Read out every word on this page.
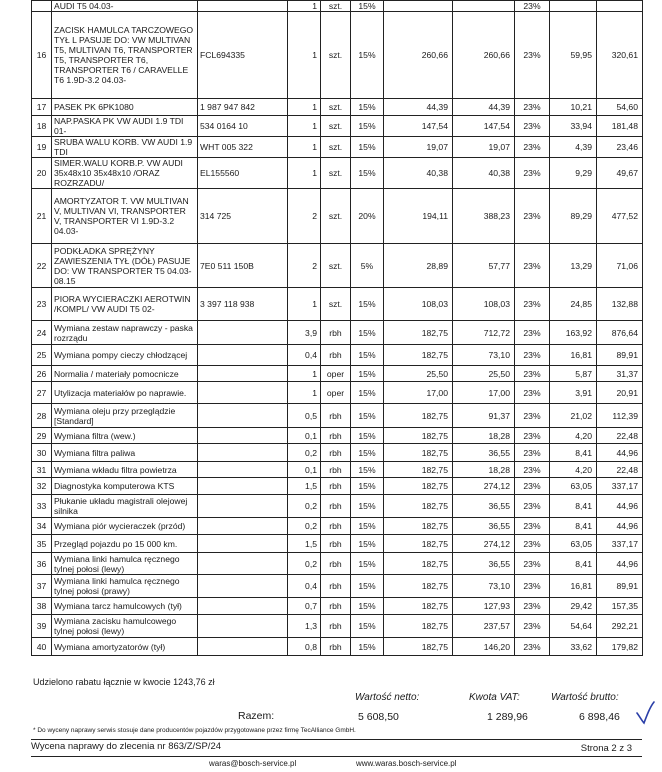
	AUDI T5 04.03-		1	szt.	15%			23%		
16	ZACISK HAMULCA TARCZOWEGO TYŁ L PASUJE DO: VW MULTIVAN T5, MULTIVAN T6, TRANSPORTER T5, TRANSPORTER T6, TRANSPORTER T6 / CARAVELLE T6 1.9D-3.2 04.03-	FCL694335	1	szt.	15%	260,66	260,66	23%	59,95	320,61
17	PASEK PK 6PK1080	1 987 947 842	1	szt.	15%	44,39	44,39	23%	10,21	54,60
18	NAP.PASKA PK VW AUDI 1.9 TDI 01-	534 0164 10	1	szt.	15%	147,54	147,54	23%	33,94	181,48
19	SRUBA WALU KORB. VW AUDI 1.9 TDI	WHT 005 322	1	szt.	15%	19,07	19,07	23%	4,39	23,46
20	SIMER.WALU KORB.P. VW AUDI 35x48x10 35x48x10 /ORAZ ROZRZADU/	EL155560	1	szt.	15%	40,38	40,38	23%	9,29	49,67
21	AMORTYZATOR T. VW MULTIVAN V, MULTIVAN VI, TRANSPORTER V, TRANSPORTER VI 1.9D-3.2 04.03-	314 725	2	szt.	20%	194,11	388,23	23%	89,29	477,52
22	PODKŁADKA SPRĘŻYNY ZAWIESZENIA TYŁ (DÓŁ) PASUJE DO: VW TRANSPORTER T5 04.03-08.15	7E0 511 150B	2	szt.	5%	28,89	57,77	23%	13,29	71,06
23	PIORA WYCIERACZKI AEROTWIN /KOMPL/ VW AUDI T5 02-	3 397 118 938	1	szt.	15%	108,03	108,03	23%	24,85	132,88
24	Wymiana zestaw naprawczy - paska rozrządu		3,9	rbh	15%	182,75	712,72	23%	163,92	876,64
25	Wymiana pompy cieczy chłodzącej		0,4	rbh	15%	182,75	73,10	23%	16,81	89,91
26	Normalia / materiały pomocnicze		1	oper	15%	25,50	25,50	23%	5,87	31,37
27	Utylizacja materiałów po naprawie.		1	oper	15%	17,00	17,00	23%	3,91	20,91
28	Wymiana oleju przy przeglądzie [Standard]		0,5	rbh	15%	182,75	91,37	23%	21,02	112,39
29	Wymiana filtra (wew.)		0,1	rbh	15%	182,75	18,28	23%	4,20	22,48
30	Wymiana filtra paliwa		0,2	rbh	15%	182,75	36,55	23%	8,41	44,96
31	Wymiana wkładu filtra powietrza		0,1	rbh	15%	182,75	18,28	23%	4,20	22,48
32	Diagnostyka komputerowa KTS		1,5	rbh	15%	182,75	274,12	23%	63,05	337,17
33	Płukanie układu magistrali olejowej silnika		0,2	rbh	15%	182,75	36,55	23%	8,41	44,96
34	Wymiana piór wycieraczek (przód)		0,2	rbh	15%	182,75	36,55	23%	8,41	44,96
35	Przegląd pojazdu po 15 000 km.		1,5	rbh	15%	182,75	274,12	23%	63,05	337,17
36	Wymiana linki hamulca ręcznego tylnej połosi (lewy)		0,2	rbh	15%	182,75	36,55	23%	8,41	44,96
37	Wymiana linki hamulca ręcznego tylnej połosi (prawy)		0,4	rbh	15%	182,75	73,10	23%	16,81	89,91
38	Wymiana tarcz hamulcowych (tył)		0,7	rbh	15%	182,75	127,93	23%	29,42	157,35
39	Wymiana zacisku hamulcowego tylnej połosi (lewy)		1,3	rbh	15%	182,75	237,57	23%	54,64	292,21
40	Wymiana amortyzatorów (tył)		0,8	rbh	15%	182,75	146,20	23%	33,62	179,82
Udzielono rabatu łącznie w kwocie 1243,76 zł
Wartość netto:	Kwota VAT:	Wartość brutto:
Razem:	5 608,50	1 289,96	6 898,46
* Do wyceny naprawy serwis stosuje dane producentów pojazdów przygotowane przez firmę TecAlliance GmbH.
Wycena naprawy do zlecenia nr 863/Z/SP/24	Strona 2 z 3
waras@bosch-service.pl	www.waras.bosch-service.pl
